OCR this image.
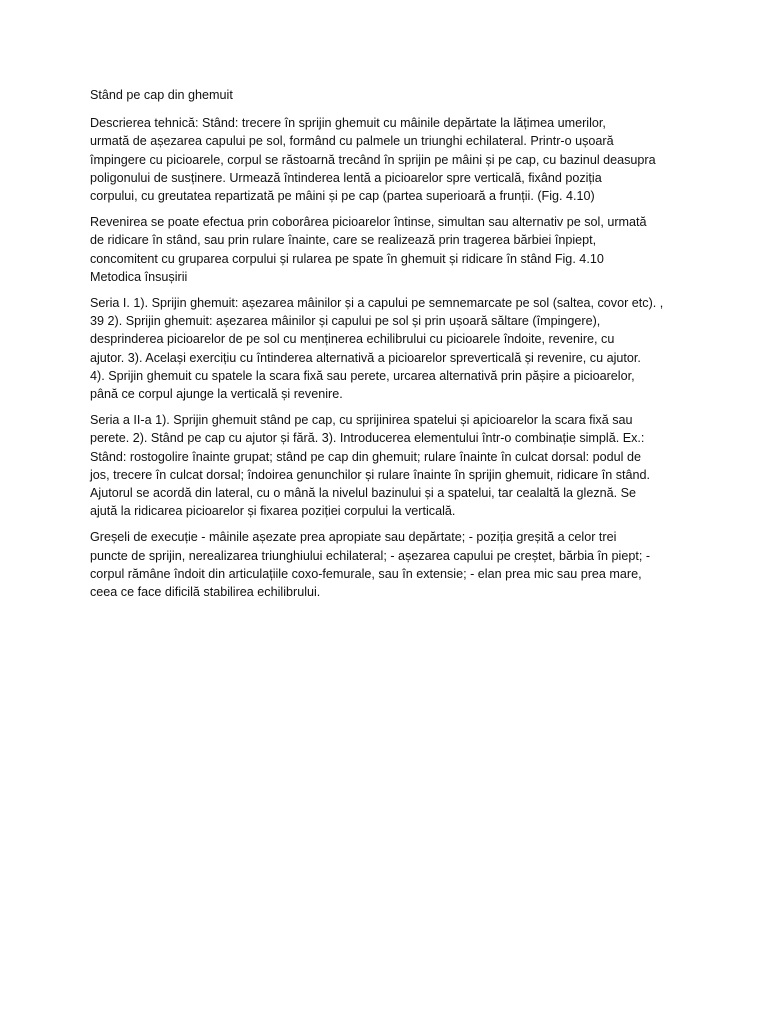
Stând pe cap din ghemuit

Descrierea tehnică: Stând: trecere în sprijin ghemuit cu mâinile depărtate la lățimea umerilor,
urmată de așezarea capului pe sol, formând cu palmele un triunghi echilateral. Printr-o ușoară
împingere cu picioarele, corpul se răstoarnă trecând în sprijin pe mâini și pe cap, cu bazinul deasupra
poligonului de susținere. Urmează întinderea lentă a picioarelor spre verticală, fixând poziția
corpului, cu greutatea repartizată pe mâini și pe cap (partea superioară a frunții. (Fig. 4.10)

Revenirea se poate efectua prin coborârea picioarelor întinse, simultan sau alternativ pe sol, urmată
de ridicare în stând, sau prin rulare înainte, care se realizează prin tragerea bărbiei înpiept,
concomitent cu gruparea corpului și rularea pe spate în ghemuit și ridicare în stând Fig. 4.10
Metodica însușirii

Seria I. 1). Sprijin ghemuit: așezarea mâinilor și a capului pe semnemarcate pe sol (saltea, covor etc). ,
39 2). Sprijin ghemuit: așezarea mâinilor și capului pe sol și prin ușoară săltare (împingere),
desprinderea picioarelor de pe sol cu menținerea echilibrului cu picioarele îndoite, revenire, cu
ajutor. 3). Același exercițiu cu întinderea alternativă a picioarelor spreverticală și revenire, cu ajutor.
4). Sprijin ghemuit cu spatele la scara fixă sau perete, urcarea alternativă prin pășire a picioarelor,
până ce corpul ajunge la verticală și revenire.

Seria a II-a 1). Sprijin ghemuit stând pe cap, cu sprijinirea spatelui și apicioarelor la scara fixă sau
perete. 2). Stând pe cap cu ajutor și fără. 3). Introducerea elementului într-o combinație simplă. Ex.:
Stând: rostogolire înainte grupat; stând pe cap din ghemuit; rulare înainte în culcat dorsal: podul de
jos, trecere în culcat dorsal; îndoirea genunchilor și rulare înainte în sprijin ghemuit, ridicare în stând.
Ajutorul se acordă din lateral, cu o mână la nivelul bazinului și a spatelui, tar cealaltă la gleznă. Se
ajută la ridicarea picioarelor și fixarea poziției corpului la verticală.

Greșeli de execuție - mâinile așezate prea apropiate sau depărtate; - poziția greșită a celor trei
puncte de sprijin, nerealizarea triunghiului echilateral; - așezarea capului pe creștet, bărbia în piept; -
corpul rămâne îndoit din articulațiile coxo-femurale, sau în extensie; - elan prea mic sau prea mare,
ceea ce face dificilă stabilirea echilibrului.
